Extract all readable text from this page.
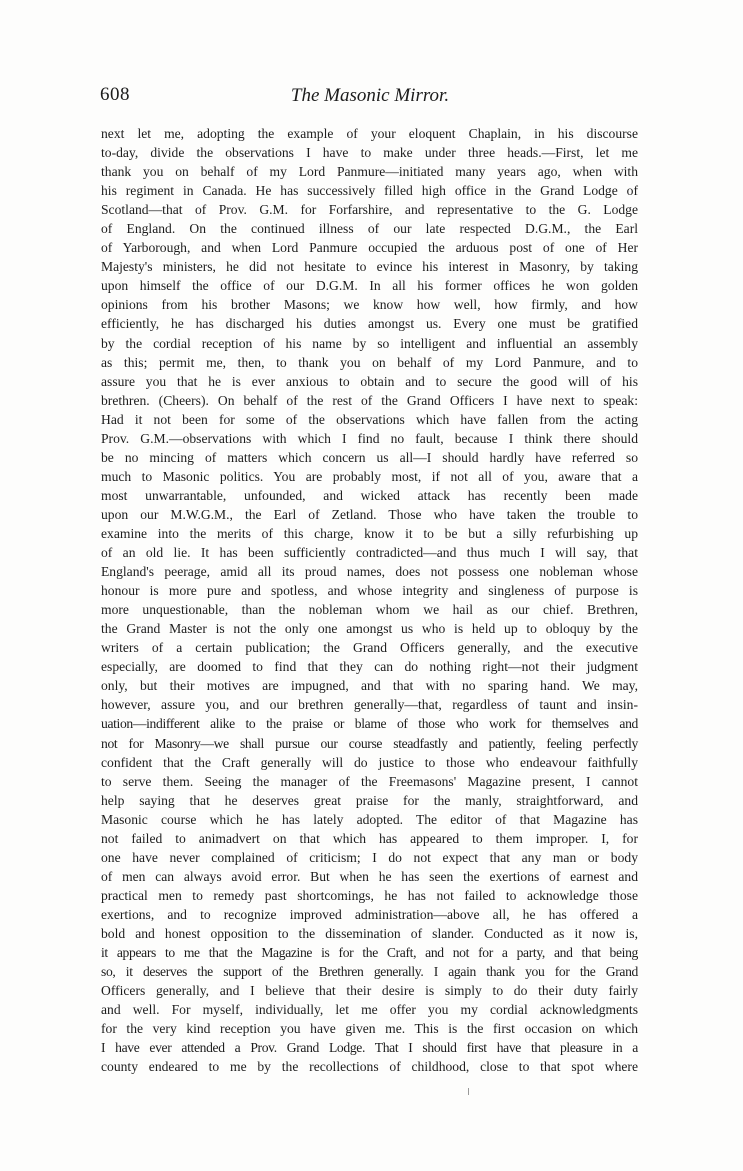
608	The Masonic Mirror.
next let me, adopting the example of your eloquent Chaplain, in his discourse
to-day, divide the observations I have to make under three heads.—First, let me
thank you on behalf of my Lord Panmure—initiated many years ago, when with
his regiment in Canada. He has successively filled high office in the Grand Lodge of
Scotland—that of Prov. G.M. for Forfarshire, and representative to the G. Lodge
of England. On the continued illness of our late respected D.G.M., the Earl
of Yarborough, and when Lord Panmure occupied the arduous post of one of Her
Majesty's ministers, he did not hesitate to evince his interest in Masonry, by taking
upon himself the office of our D.G.M. In all his former offices he won golden
opinions from his brother Masons; we know how well, how firmly, and how
efficiently, he has discharged his duties amongst us. Every one must be gratified
by the cordial reception of his name by so intelligent and influential an assembly
as this; permit me, then, to thank you on behalf of my Lord Panmure, and to
assure you that he is ever anxious to obtain and to secure the good will of his
brethren. (Cheers). On behalf of the rest of the Grand Officers I have next to speak:
Had it not been for some of the observations which have fallen from the acting
Prov. G.M.—observations with which I find no fault, because I think there should
be no mincing of matters which concern us all—I should hardly have referred so
much to Masonic politics. You are probably most, if not all of you, aware that a
most unwarrantable, unfounded, and wicked attack has recently been made
upon our M.W.G.M., the Earl of Zetland. Those who have taken the trouble to
examine into the merits of this charge, know it to be but a silly refurbishing up
of an old lie. It has been sufficiently contradicted—and thus much I will say, that
England's peerage, amid all its proud names, does not possess one nobleman whose
honour is more pure and spotless, and whose integrity and singleness of purpose is
more unquestionable, than the nobleman whom we hail as our chief. Brethren,
the Grand Master is not the only one amongst us who is held up to obloquy by the
writers of a certain publication; the Grand Officers generally, and the executive
especially, are doomed to find that they can do nothing right—not their judgment
only, but their motives are impugned, and that with no sparing hand. We may,
however, assure you, and our brethren generally—that, regardless of taunt and insin-
uation—indifferent alike to the praise or blame of those who work for themselves and
not for Masonry—we shall pursue our course steadfastly and patiently, feeling perfectly
confident that the Craft generally will do justice to those who endeavour faithfully
to serve them. Seeing the manager of the Freemasons' Magazine present, I cannot
help saying that he deserves great praise for the manly, straightforward, and
Masonic course which he has lately adopted. The editor of that Magazine has
not failed to animadvert on that which has appeared to them improper. I, for
one have never complained of criticism; I do not expect that any man or body
of men can always avoid error. But when he has seen the exertions of earnest and
practical men to remedy past shortcomings, he has not failed to acknowledge those
exertions, and to recognize improved administration—above all, he has offered a
bold and honest opposition to the dissemination of slander. Conducted as it now is,
it appears to me that the Magazine is for the Craft, and not for a party, and that being
so, it deserves the support of the Brethren generally. I again thank you for the Grand
Officers generally, and I believe that their desire is simply to do their duty fairly
and well. For myself, individually, let me offer you my cordial acknowledgments
for the very kind reception you have given me. This is the first occasion on which
I have ever attended a Prov. Grand Lodge. That I should first have that pleasure in a
county endeared to me by the recollections of childhood, close to that spot where
